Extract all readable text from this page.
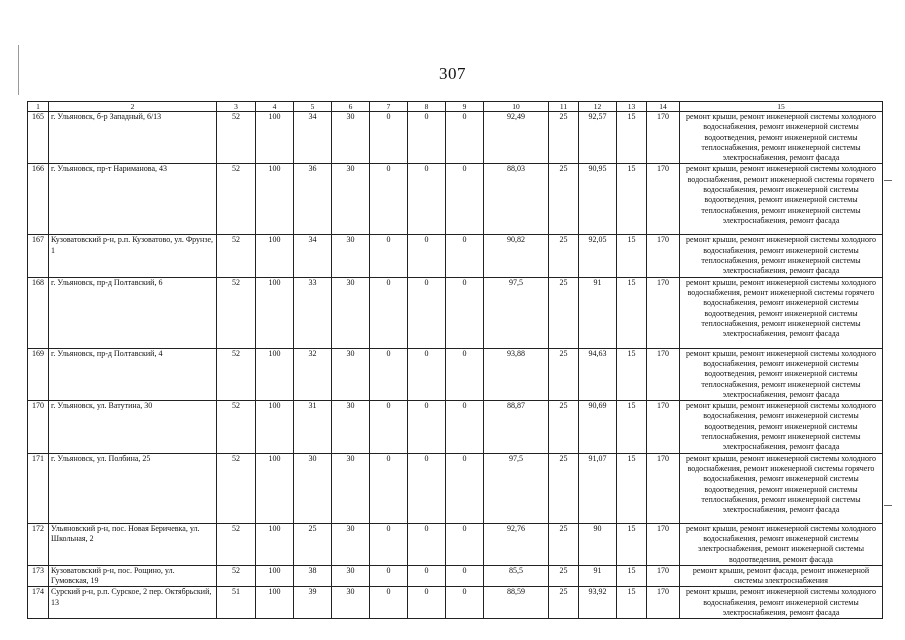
307
1	2	3	4	5	6	7	8	9	10	11	12	13	14	15
165	г. Ульяновск, б-р Западный, 6/13	52	100	34	30	0	0	0	92,49	25	92,57	15	170	ремонт крыши, ремонт инженерной системы холодного водоснабжения, ремонт инженерной системы водоотведения, ремонт инженерной системы теплоснабжения, ремонт инженерной системы электроснабжения, ремонт фасада
166	г. Ульяновск, пр-т Нариманова, 43	52	100	36	30	0	0	0	88,03	25	90,95	15	170	ремонт крыши, ремонт инженерной системы холодного водоснабжения, ремонт инженерной системы горячего водоснабжения, ремонт инженерной системы водоотведения, ремонт инженерной системы теплоснабжения, ремонт инженерной системы электроснабжения, ремонт фасада
167	Кузоватовский р-н, р.п. Кузоватово, ул. Фрунзе, 1	52	100	34	30	0	0	0	90,82	25	92,05	15	170	ремонт крыши, ремонт инженерной системы холодного водоснабжения, ремонт инженерной системы теплоснабжения, ремонт инженерной системы электроснабжения, ремонт фасада
168	г. Ульяновск, пр-д Полтавский, 6	52	100	33	30	0	0	0	97,5	25	91	15	170	ремонт крыши, ремонт инженерной системы холодного водоснабжения, ремонт инженерной системы горячего водоснабжения, ремонт инженерной системы водоотведения, ремонт инженерной системы теплоснабжения, ремонт инженерной системы электроснабжения, ремонт фасада
169	г. Ульяновск, пр-д Полтавский, 4	52	100	32	30	0	0	0	93,88	25	94,63	15	170	ремонт крыши, ремонт инженерной системы холодного водоснабжения, ремонт инженерной системы водоотведения, ремонт инженерной системы теплоснабжения, ремонт инженерной системы электроснабжения, ремонт фасада
170	г. Ульяновск, ул. Ватутина, 30	52	100	31	30	0	0	0	88,87	25	90,69	15	170	ремонт крыши, ремонт инженерной системы холодного водоснабжения, ремонт инженерной системы водоотведения, ремонт инженерной системы теплоснабжения, ремонт инженерной системы электроснабжения, ремонт фасада
171	г. Ульяновск, ул. Полбина, 25	52	100	30	30	0	0	0	97,5	25	91,07	15	170	ремонт крыши, ремонт инженерной системы холодного водоснабжения, ремонт инженерной системы горячего водоснабжения, ремонт инженерной системы водоотведения, ремонт инженерной системы теплоснабжения, ремонт инженерной системы электроснабжения, ремонт фасада
172	Ульяновский р-н, пос. Новая Беричевка, ул. Школьная, 2	52	100	25	30	0	0	0	92,76	25	90	15	170	ремонт крыши, ремонт инженерной системы холодного водоснабжения, ремонт инженерной системы электроснабжения, ремонт инженерной системы водоотведения, ремонт фасада
173	Кузоватовский р-н, пос. Рощино, ул. Гумовская, 19	52	100	38	30	0	0	0	85,5	25	91	15	170	ремонт крыши, ремонт фасада, ремонт инженерной системы электроснабжения
174	Сурский р-н, р.п. Сурское, 2 пер. Октябрьский, 13	51	100	39	30	0	0	0	88,59	25	93,92	15	170	ремонт крыши, ремонт инженерной системы холодного водоснабжения, ремонт инженерной системы электроснабжения, ремонт фасада
